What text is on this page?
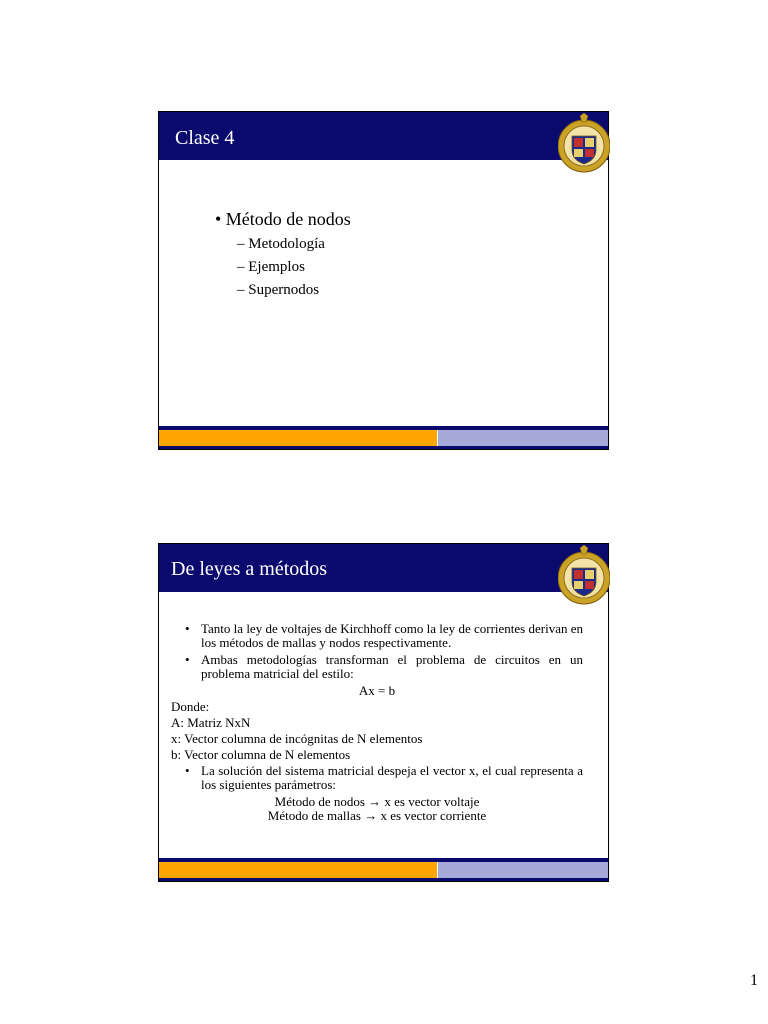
Clase 4
• Método de nodos
– Metodología
– Ejemplos
– Supernodos
De leyes a métodos
• Tanto la ley de voltajes de Kirchhoff como la ley de corrientes derivan en los métodos de mallas y nodos respectivamente.
• Ambas metodologías transforman el problema de circuitos en un problema matricial del estilo:
Ax = b
Donde:
A: Matriz NxN
x: Vector columna de incógnitas de N elementos
b: Vector columna de N elementos
• La solución del sistema matricial despeja el vector x, el cual representa a los siguientes parámetros:
Método de nodos → x es vector voltaje
Método de mallas → x es vector corriente
1
